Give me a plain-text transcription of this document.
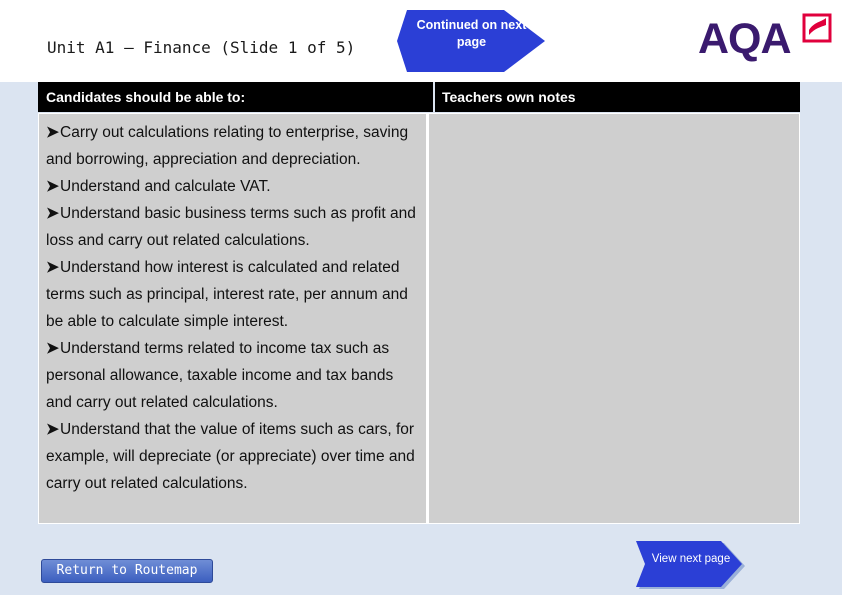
Unit A1 – Finance (Slide 1 of 5)
Continued on next page	AQA
Candidates should be able to:	Teachers own notes
➤Carry out calculations relating to enterprise, saving and borrowing, appreciation and depreciation.
➤Understand and calculate VAT.
➤Understand basic business terms such as profit and loss and carry out related calculations.
➤Understand how interest is calculated and related terms such as principal, interest rate, per annum and be able to calculate simple interest.
➤Understand terms related to income tax such as personal allowance, taxable income and tax bands and carry out related calculations.
➤Understand that the value of items such as cars, for example, will depreciate (or appreciate) over time and carry out related calculations.
Return to Routemap
View next page
